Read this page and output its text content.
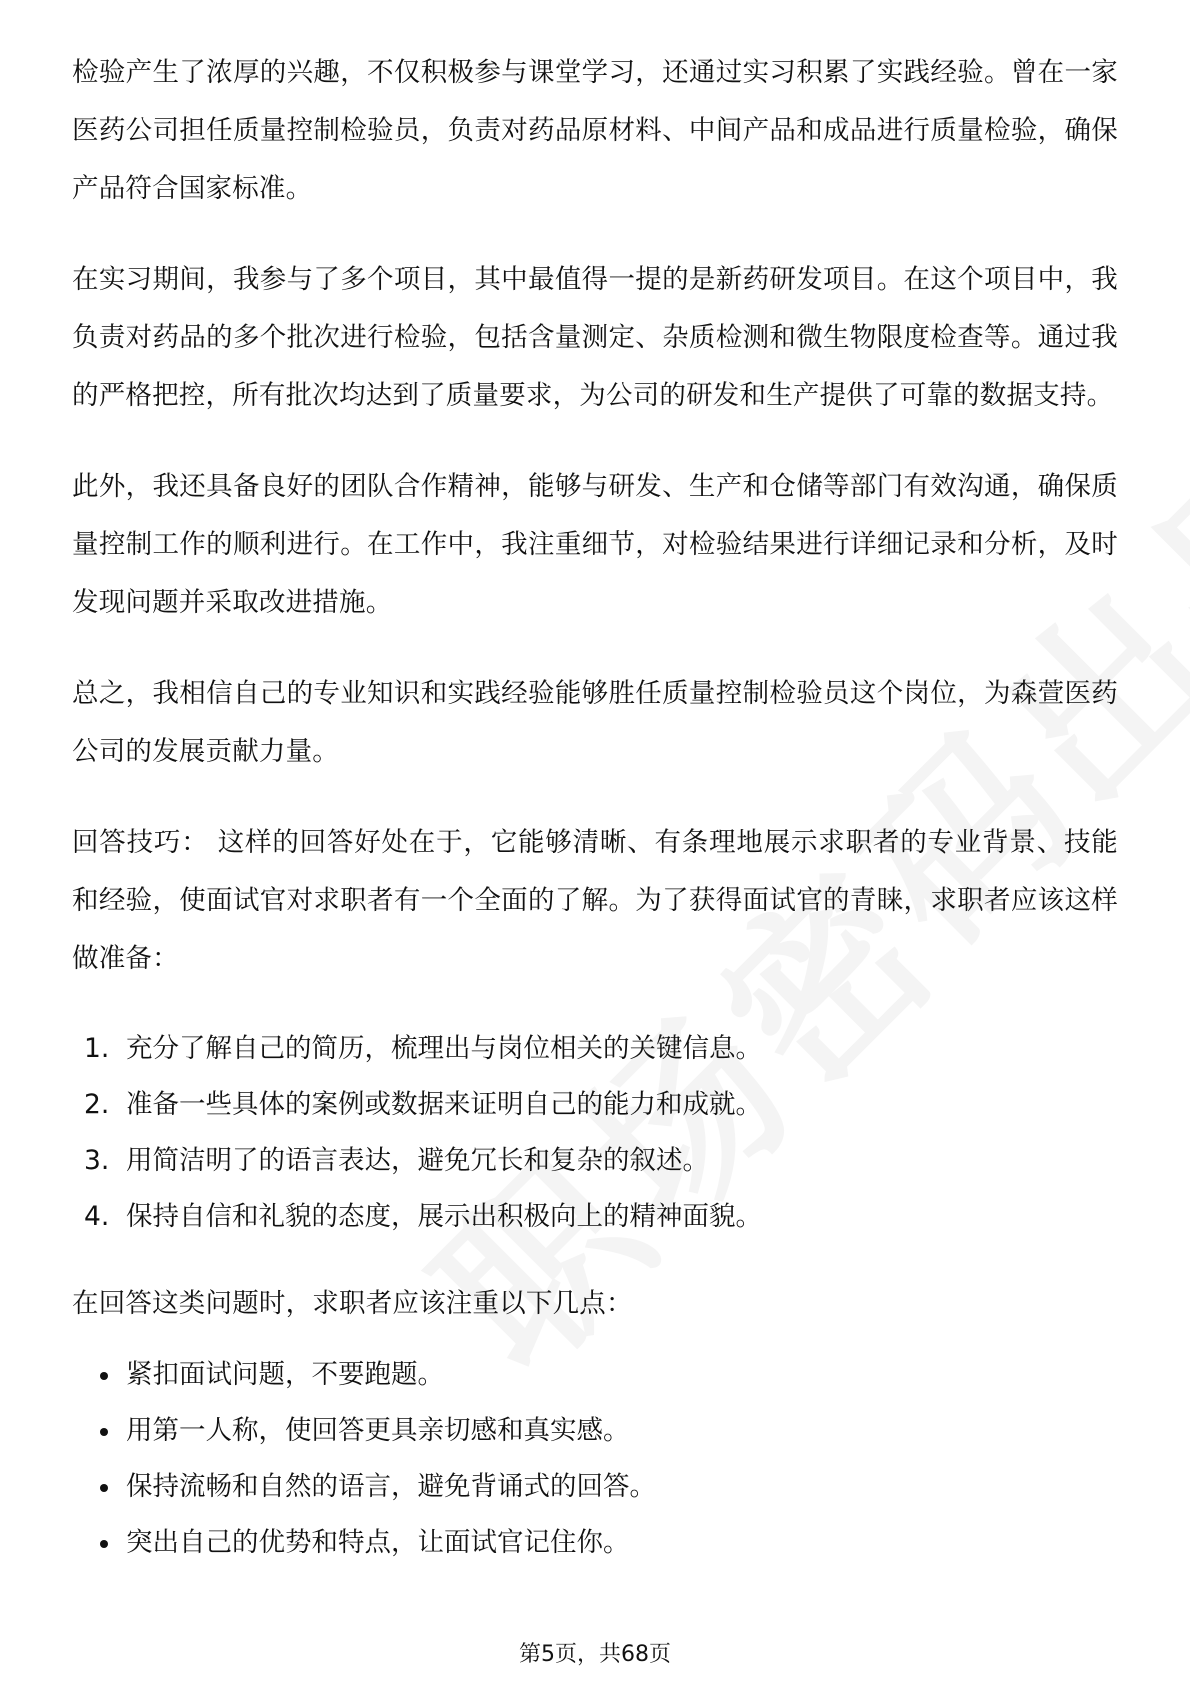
检验产生了浓厚的兴趣，不仅积极参与课堂学习，还通过实习积累了实践经验。曾在一家医药公司担任质量控制检验员，负责对药品原材料、中间产品和成品进行质量检验，确保产品符合国家标准。

在实习期间，我参与了多个项目，其中最值得一提的是新药研发项目。在这个项目中，我负责对药品的多个批次进行检验，包括含量测定、杂质检测和微生物限度检查等。通过我的严格把控，所有批次均达到了质量要求，为公司的研发和生产提供了可靠的数据支持。

此外，我还具备良好的团队合作精神，能够与研发、生产和仓储等部门有效沟通，确保质量控制工作的顺利进行。在工作中，我注重细节，对检验结果进行详细记录和分析，及时发现问题并采取改进措施。

总之，我相信自己的专业知识和实践经验能够胜任质量控制检验员这个岗位，为森萱医药公司的发展贡献力量。

回答技巧： 这样的回答好处在于，它能够清晰、有条理地展示求职者的专业背景、技能和经验，使面试官对求职者有一个全面的了解。为了获得面试官的青睐，求职者应该这样做准备：

1. 充分了解自己的简历，梳理出与岗位相关的关键信息。
2. 准备一些具体的案例或数据来证明自己的能力和成就。
3. 用简洁明了的语言表达，避免冗长和复杂的叙述。
4. 保持自信和礼貌的态度，展示出积极向上的精神面貌。

在回答这类问题时，求职者应该注重以下几点：

紧扣面试问题，不要跑题。
用第一人称，使回答更具亲切感和真实感。
保持流畅和自然的语言，避免背诵式的回答。
突出自己的优势和特点，让面试官记住你。
第5页，共68页
